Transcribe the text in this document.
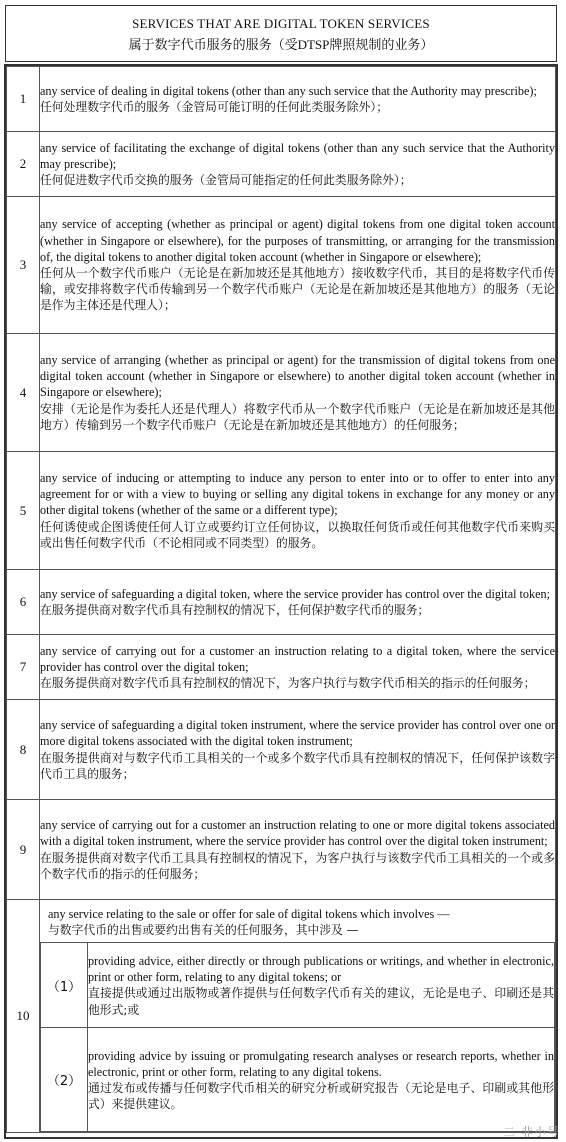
SERVICES THAT ARE DIGITAL TOKEN SERVICES
属于数字代币服务的服务（受DTSP牌照规制的业务）
1	
any service of dealing in digital tokens (other than any such service that the Authority may prescribe);
任何处理数字代币的服务（金管局可能订明的任何此类服务除外）；

2	
any service of facilitating the exchange of digital tokens (other than any such service that the Authority may prescribe);
任何促进数字代币交换的服务（金管局可能指定的任何此类服务除外）；

3	
any service of accepting (whether as principal or agent) digital tokens from one digital token account (whether in Singapore or elsewhere), for the purposes of transmitting, or arranging for the transmission of, the digital tokens to another digital token account (whether in Singapore or elsewhere);
任何从一个数字代币账户（无论是在新加坡还是其他地方）接收数字代币，其目的是将数字代币传输，或安排将数字代币传输到另一个数字代币账户（无论是在新加坡还是其他地方）的服务（无论是作为主体还是代理人）；

4	
any service of arranging (whether as principal or agent) for the transmission of digital tokens from one digital token account (whether in Singapore or elsewhere) to another digital token account (whether in Singapore or elsewhere);
安排（无论是作为委托人还是代理人）将数字代币从一个数字代币账户（无论是在新加坡还是其他地方）传输到另一个数字代币账户（无论是在新加坡还是其他地方）的任何服务；

5	
any service of inducing or attempting to induce any person to enter into or to offer to enter into any agreement for or with a view to buying or selling any digital tokens in exchange for any money or any other digital tokens (whether of the same or a different type);
任何诱使或企图诱使任何人订立或要约订立任何协议，以换取任何货币或任何其他数字代币来购买或出售任何数字代币（不论相同或不同类型）的服务。

6	
any service of safeguarding a digital token, where the service provider has control over the digital token;
在服务提供商对数字代币具有控制权的情况下，任何保护数字代币的服务；

7	
any service of carrying out for a customer an instruction relating to a digital token, where the service provider has control over the digital token;
在服务提供商对数字代币具有控制权的情况下，为客户执行与数字代币相关的指示的任何服务；

8	
any service of safeguarding a digital token instrument, where the service provider has control over one or more digital tokens associated with the digital token instrument;
在服务提供商对与数字代币工具相关的一个或多个数字代币具有控制权的情况下，任何保护该数字代币工具的服务；

9	
any service of carrying out for a customer an instruction relating to one or more digital tokens associated with a digital token instrument, where the service provider has control over the digital token instrument;
在服务提供商对数字代币工具具有控制权的情况下，为客户执行与该数字代币工具相关的一个或多个数字代币的指示的任何服务；

10	
any service relating to the sale or offer for sale of digital tokens which involves —
与数字代币的出售或要约出售有关的任何服务，其中涉及 —
（1）	
providing advice, either directly or through publications or writings, and whether in electronic, print or other form, relating to any digital tokens; or
直接提供或通过出版物或著作提供与任何数字代币有关的建议，无论是电子、印刷还是其他形式;或

（2）	
providing advice by issuing or promulgating research analyses or research reports, whether in electronic, print or other form, relating to any digital tokens.
通过发布或传播与任何数字代币相关的研究分析或研究报告（无论是电子、印刷或其他形式）来提供建议。
二 非小号
